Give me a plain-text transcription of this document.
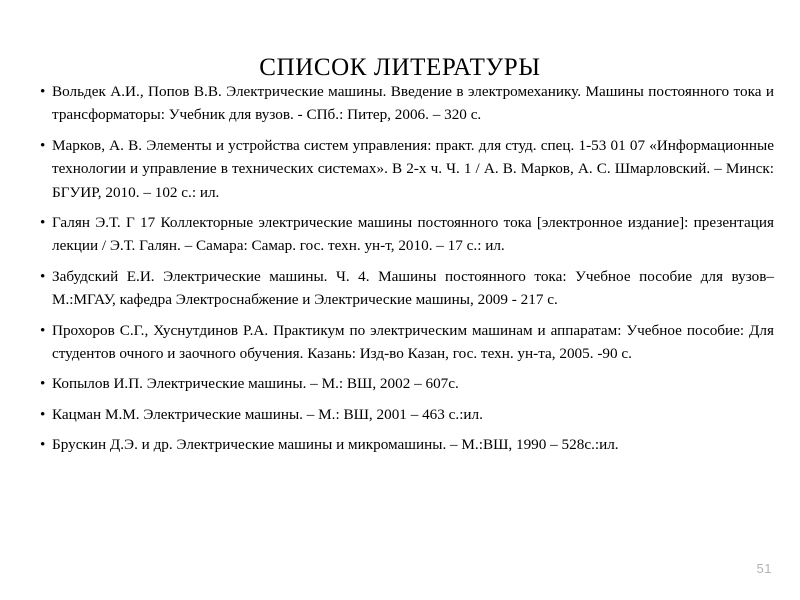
СПИСОК ЛИТЕРАТУРЫ
• Вольдек А.И., Попов В.В. Электрические машины. Введение в электромеханику. Машины постоянного тока и трансформаторы: Учебник для вузов. - СПб.: Питер, 2006. – 320 с.
• Марков, А. В. Элементы и устройства систем управления: практ. для студ. спец. 1-53 01 07 «Информационные технологии и управление в технических системах». В 2-х ч. Ч. 1 / А. В. Марков, А. С. Шмарловский. – Минск: БГУИР, 2010. – 102 с.: ил.
• Галян Э.Т. Г 17 Коллекторные электрические машины постоянного тока [электронное издание]: презентация лекции / Э.Т. Галян. – Самара: Самар. гос. техн. ун-т, 2010. – 17 с.: ил.
• Забудский Е.И. Электрические машины. Ч. 4. Машины постоянного тока: Учебное пособие для вузов– М.:МГАУ, кафедра Электроснабжение и Электрические машины, 2009 - 217 с.
• Прохоров С.Г., Хуснутдинов Р.А. Практикум по электрическим машинам и аппаратам: Учебное пособие: Для студентов очного и заочного обучения. Казань: Изд-во Казан, гос. техн. ун-та, 2005. -90 с.
• Копылов И.П. Электрические машины. – М.: ВШ, 2002 – 607с.
• Кацман М.М. Электрические машины. – М.: ВШ, 2001 – 463 с.:ил.
• Брускин Д.Э. и др. Электрические машины и микромашины. – М.:ВШ, 1990 – 528с.:ил.
51
